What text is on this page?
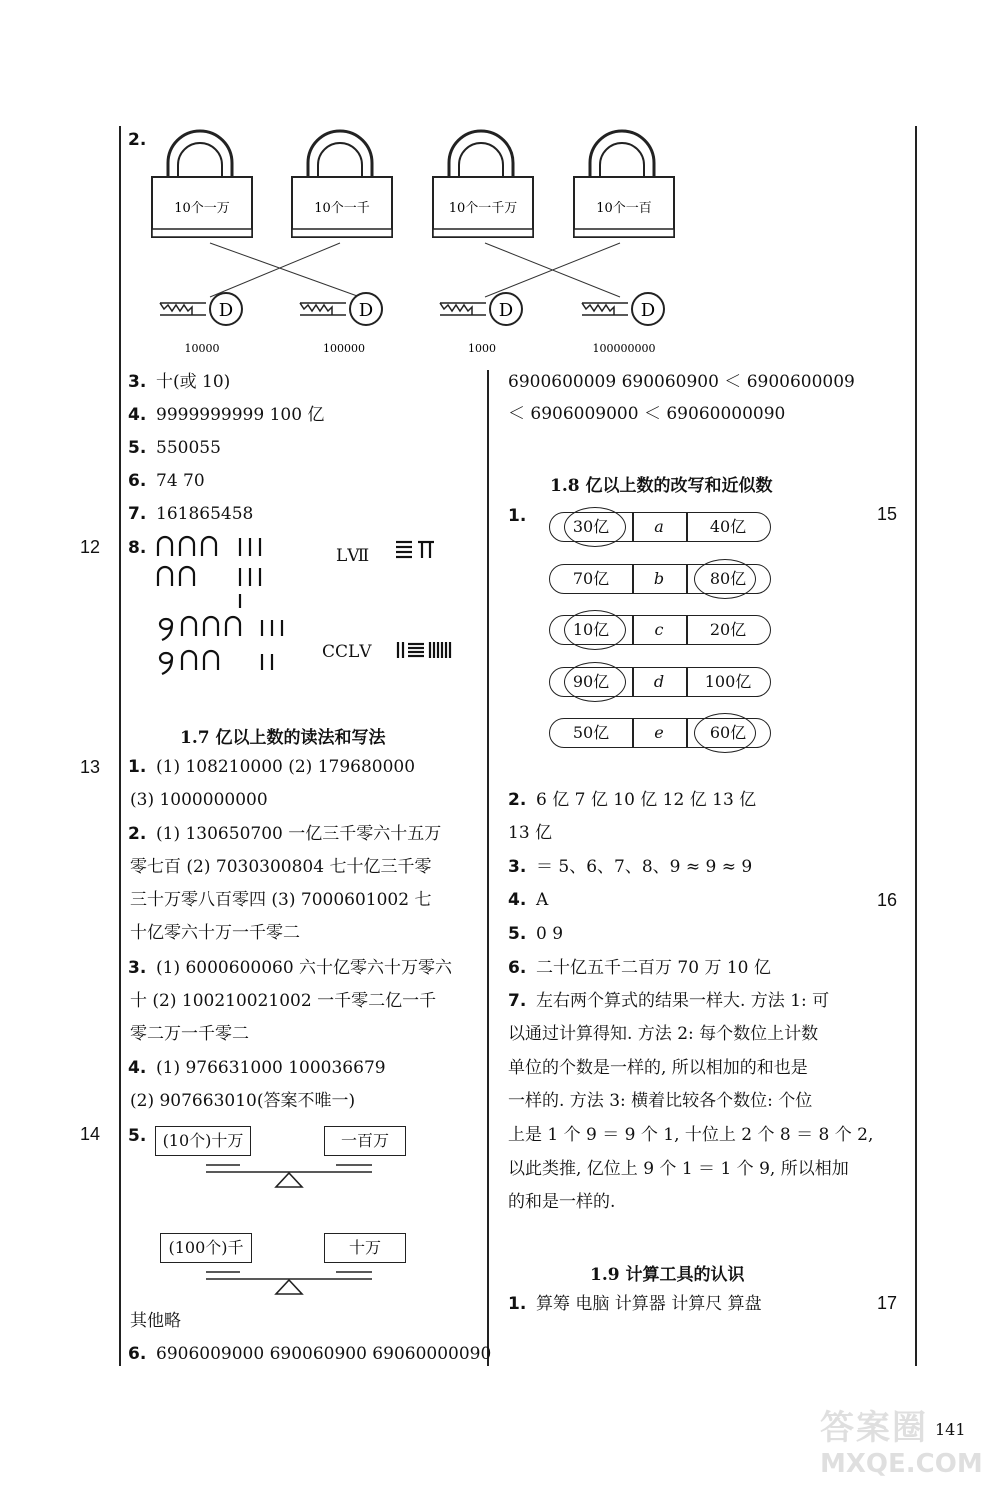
12
13
14
15
16
17
2.
10个一万	10个一千	10个一千万	10个一百
D
10000
D
100000
D
1000
D
100000000
3. 十(或 10)
4. 9999999999 100 亿
5. 550055
6. 74 70
7. 161865458
8.	LⅦ
CCLⅤ
1.7 亿以上数的读法和写法
1. (1) 108210000 (2) 179680000
(3) 1000000000
2. (1) 130650700 一亿三千零六十五万
零七百 (2) 7030300804 七十亿三千零
三十万零八百零四 (3) 7000601002 七
十亿零六十万一千零二
3. (1) 6000600060 六十亿零六十万零六
十 (2) 100210021002 一千零二亿一千
零二万一千零二
4. (1) 976631000 100036679
(2) 907663010(答案不唯一)
5.	(10个)十万	一百万
(100个)千	十万
其他略
6. 6906009000 690060900 69060000090
6900600009 690060900 ＜ 6900600009
＜ 6906009000 ＜ 69060000090
1.8 亿以上数的改写和近似数
1.
30亿	a	40亿
70亿	b	80亿
10亿	c	20亿
90亿	d	100亿
50亿	e	60亿
2. 6 亿 7 亿 10 亿 12 亿 13 亿
13 亿
3. ＝ 5、6、7、8、9 ≈ 9 ≈ 9
4. A
5. 0 9
6. 二十亿五千二百万 70 万 10 亿
7. 左右两个算式的结果一样大. 方法 1: 可
以通过计算得知. 方法 2: 每个数位上计数
单位的个数是一样的, 所以相加的和也是
一样的. 方法 3: 横着比较各个数位: 个位
上是 1 个 9 ＝ 9 个 1, 十位上 2 个 8 ＝ 8 个 2,
以此类推, 亿位上 9 个 1 ＝ 1 个 9, 所以相加
的和是一样的.
1.9 计算工具的认识
1. 算筹 电脑 计算器 计算尺 算盘
141
答案圈
MXQE.COM
